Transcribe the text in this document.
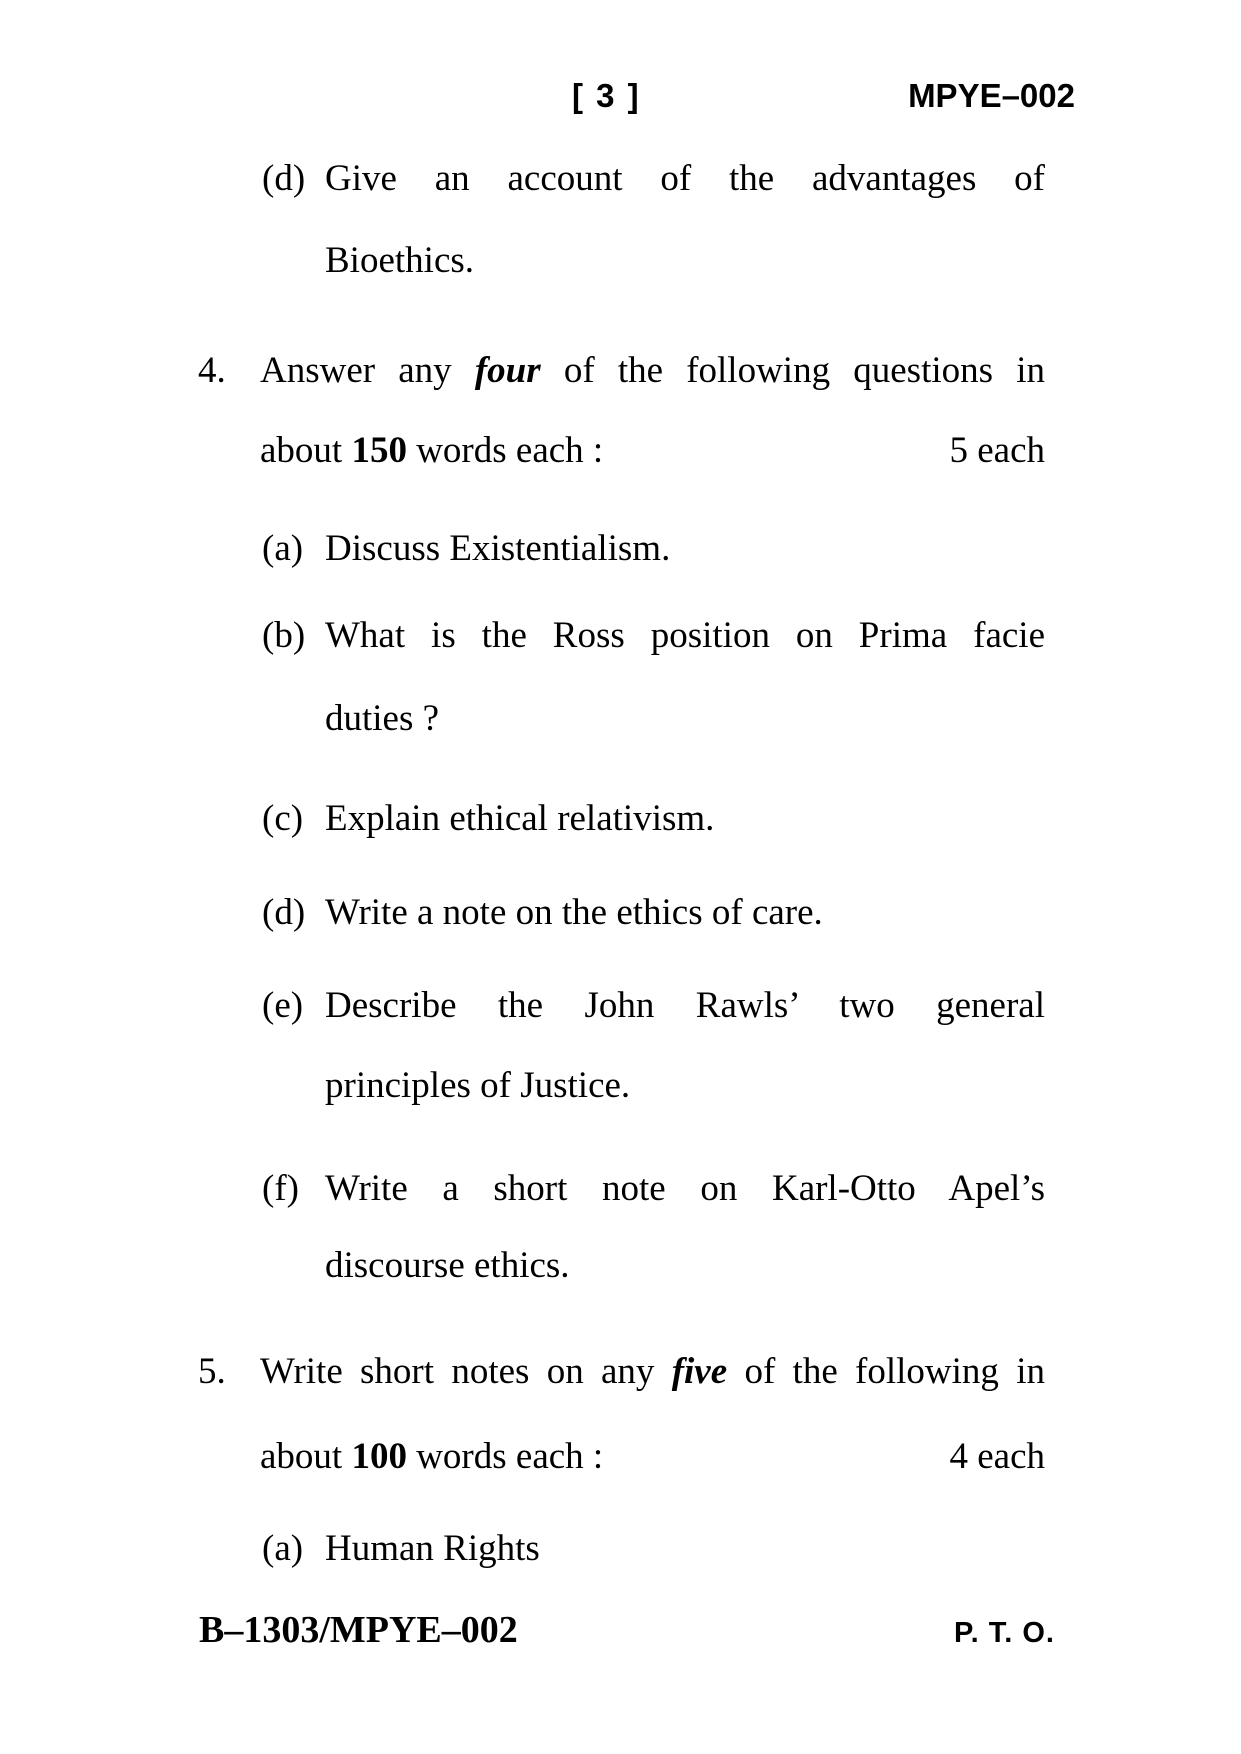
[ 3 ]	MPYE–002
(d) Give an account of the advantages of
Bioethics.
4. Answer any four of the following questions in
about 150 words each :	5 each
(a) Discuss Existentialism.
(b) What is the Ross position on Prima facie
duties ?
(c) Explain ethical relativism.
(d) Write a note on the ethics of care.
(e) Describe the John Rawls’ two general
principles of Justice.
(f) Write a short note on Karl-Otto Apel’s
discourse ethics.
5. Write short notes on any five of the following in
about 100 words each :	4 each
(a) Human Rights
B–1303/MPYE–002	P. T. O.
